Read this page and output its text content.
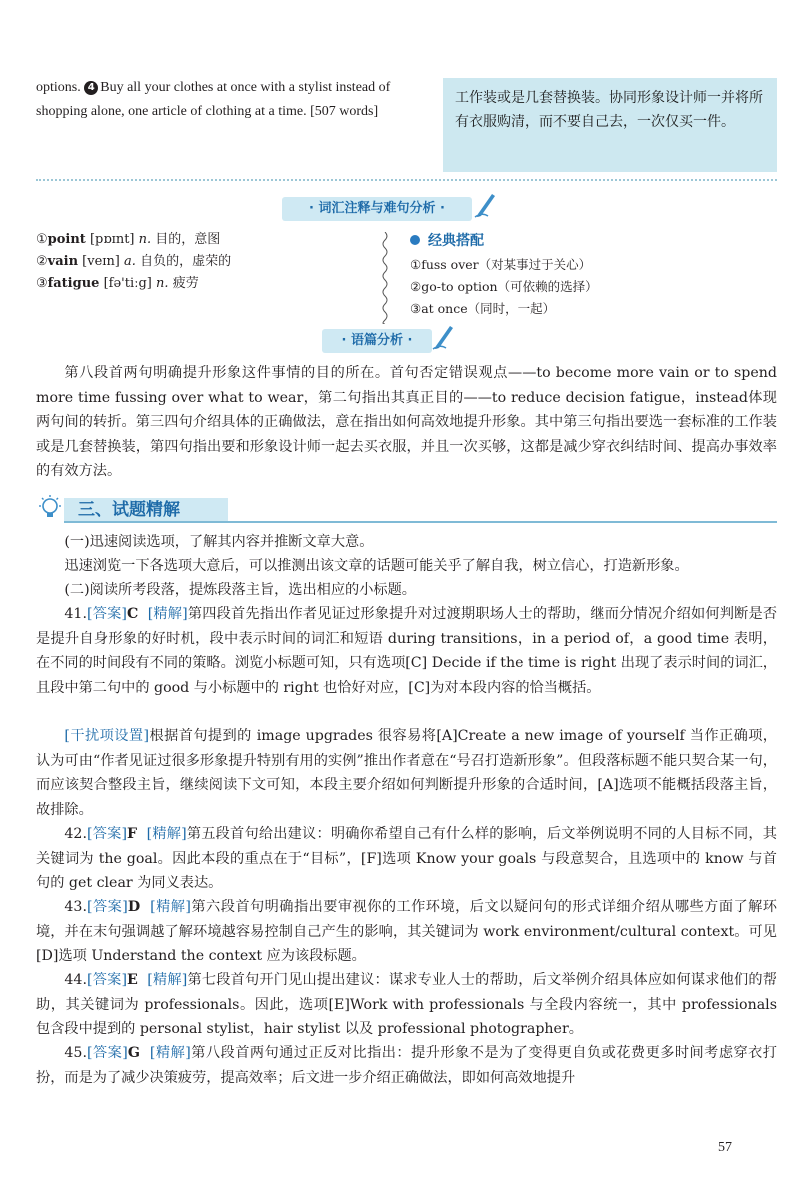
options. 4 Buy all your clothes at once with a stylist instead of shopping alone, one article of clothing at a time. [507 words]
工作装或是几套替换装。协同形象设计师一并将所有衣服购清，而不要自己去，一次仅买一件。
· 词汇注释与难句分析 ·
①point [pɒɪnt] n. 目的，意图
②vain [veɪn] a. 自负的，虚荣的
③fatigue [fə'tiːg] n. 疲劳
经典搭配
①fuss over（对某事过于关心）
②go-to option（可依赖的选择）
③at once（同时，一起）
· 语篇分析 ·
第八段首两句明确提升形象这件事情的目的所在。首句否定错误观点——to become more vain or to spend more time fussing over what to wear，第二句指出其真正目的——to reduce decision fatigue，instead体现两句间的转折。第三四句介绍具体的正确做法，意在指出如何高效地提升形象。其中第三句指出要选一套标准的工作装或是几套替换装，第四句指出要和形象设计师一起去买衣服，并且一次买够，这都是减少穿衣纠结时间、提高办事效率的有效方法。
三、试题精解
(一)迅速阅读选项，了解其内容并推断文章大意。
迅速浏览一下各选项大意后，可以推测出该文章的话题可能关乎了解自我，树立信心，打造新形象。
(二)阅读所考段落，提炼段落主旨，选出相应的小标题。
41.[答案]C [精解]第四段首先指出作者见证过形象提升对过渡期职场人士的帮助，继而分情况介绍如何判断是否是提升自身形象的好时机，段中表示时间的词汇和短语 during transitions，in a period of，a good time 表明，在不同的时间段有不同的策略。浏览小标题可知，只有选项[C] Decide if the time is right 出现了表示时间的词汇，且段中第二句中的 good 与小标题中的 right 也恰好对应，[C]为对本段内容的恰当概括。
[干扰项设置]根据首句提到的 image upgrades 很容易将[A]Create a new image of yourself 当作正确项，认为可由“作者见证过很多形象提升特别有用的实例”推出作者意在“号召打造新形象”。但段落标题不能只契合某一句，而应该契合整段主旨，继续阅读下文可知，本段主要介绍如何判断提升形象的合适时间，[A]选项不能概括段落主旨，故排除。
42.[答案]F [精解]第五段首句给出建议：明确你希望自己有什么样的影响，后文举例说明不同的人目标不同，其关键词为 the goal。因此本段的重点在于“目标”，[F]选项 Know your goals 与段意契合，且选项中的 know 与首句的 get clear 为同义表达。
43.[答案]D [精解]第六段首句明确指出要审视你的工作环境，后文以疑问句的形式详细介绍从哪些方面了解环境，并在末句强调越了解环境越容易控制自己产生的影响，其关键词为 work environment/cultural context。可见[D]选项 Understand the context 应为该段标题。
44.[答案]E [精解]第七段首句开门见山提出建议：谋求专业人士的帮助，后文举例介绍具体应如何谋求他们的帮助，其关键词为 professionals。因此，选项[E]Work with professionals 与全段内容统一，其中 professionals 包含段中提到的 personal stylist，hair stylist 以及 professional photographer。
45.[答案]G [精解]第八段首两句通过正反对比指出：提升形象不是为了变得更自负或花费更多时间考虑穿衣打扮，而是为了减少决策疲劳，提高效率；后文进一步介绍正确做法，即如何高效地提升
57
